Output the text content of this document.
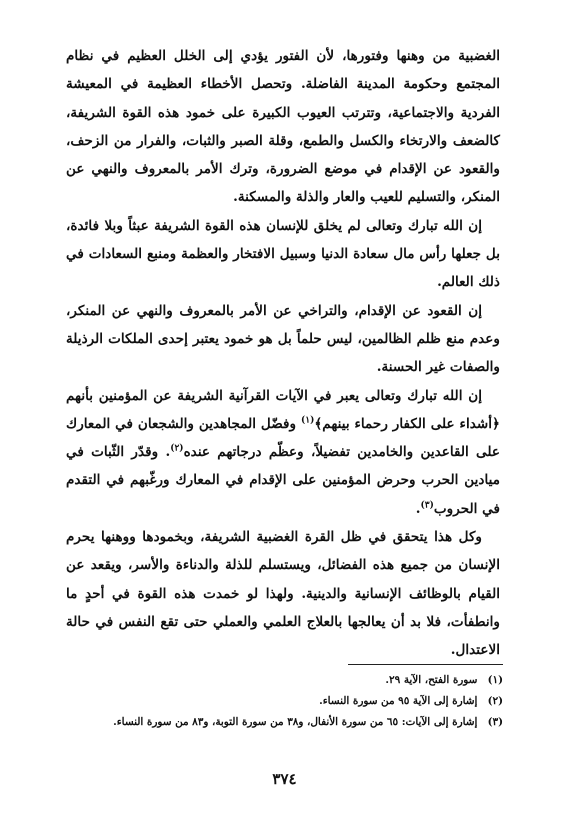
الغضبية من وهنها وفتورها، لأن الفتور يؤدي إلى الخلل العظيم في نظام المجتمع وحكومة المدينة الفاضلة. وتحصل الأخطاء العظيمة في المعيشة الفردية والاجتماعية، وتترتب العيوب الكبيرة على خمود هذه القوة الشريفة، كالضعف والارتخاء والكسل والطمع، وقلة الصبر والثبات، والفرار من الزحف، والقعود عن الإقدام في موضع الضرورة، وترك الأمر بالمعروف والنهي عن المنكر، والتسليم للعيب والعار والذلة والمسكنة.

إن الله تبارك وتعالى لم يخلق للإنسان هذه القوة الشريفة عبثاً وبلا فائدة، بل جعلها رأس مال سعادة الدنيا وسبيل الافتخار والعظمة ومنبع السعادات في ذلك العالم.

إن القعود عن الإقدام، والتراخي عن الأمر بالمعروف والنهي عن المنكر، وعدم منع ظلم الظالمين، ليس حلماً بل هو خمود يعتبر إحدى الملكات الرذيلة والصفات غير الحسنة.

إن الله تبارك وتعالى يعبر في الآيات القرآنية الشريفة عن المؤمنين بأنهم ﴿أشداء على الكفار رحماء بينهم﴾$^{(١)}$ وفضّل المجاهدين والشجعان في المعارك على القاعدين والخامدين تفضيلاً، وعظّم درجاتهم عنده$^{(٢)}$. وقدّر الثّبات في ميادين الحرب وحرض المؤمنين على الإقدام في المعارك ورغّبهم في التقدم في الحروب$^{(٣)}$.

وكل هذا يتحقق في ظل القرة الغضبية الشريفة، وبخمودها ووهنها يحرم الإنسان من جميع هذه الفضائل، ويستسلم للذلة والدناءة والأسر، ويقعد عن القيام بالوظائف الإنسانية والدينية. ولهذا لو خمدت هذه القوة في أحدٍ ما وانطفأت، فلا بد أن يعالجها بالعلاج العلمي والعملي حتى تقع النفس في حالة الاعتدال.

(١) سورة الفتح، الآية ٢٩.
(٢) إشارة إلى الآية ٩٥ من سورة النساء.
(٣) إشارة إلى الآيات: ٦٥ من سورة الأنفال، و٣٨ من سورة التوبة، و٨٣ من سورة النساء.
٣٧٤
